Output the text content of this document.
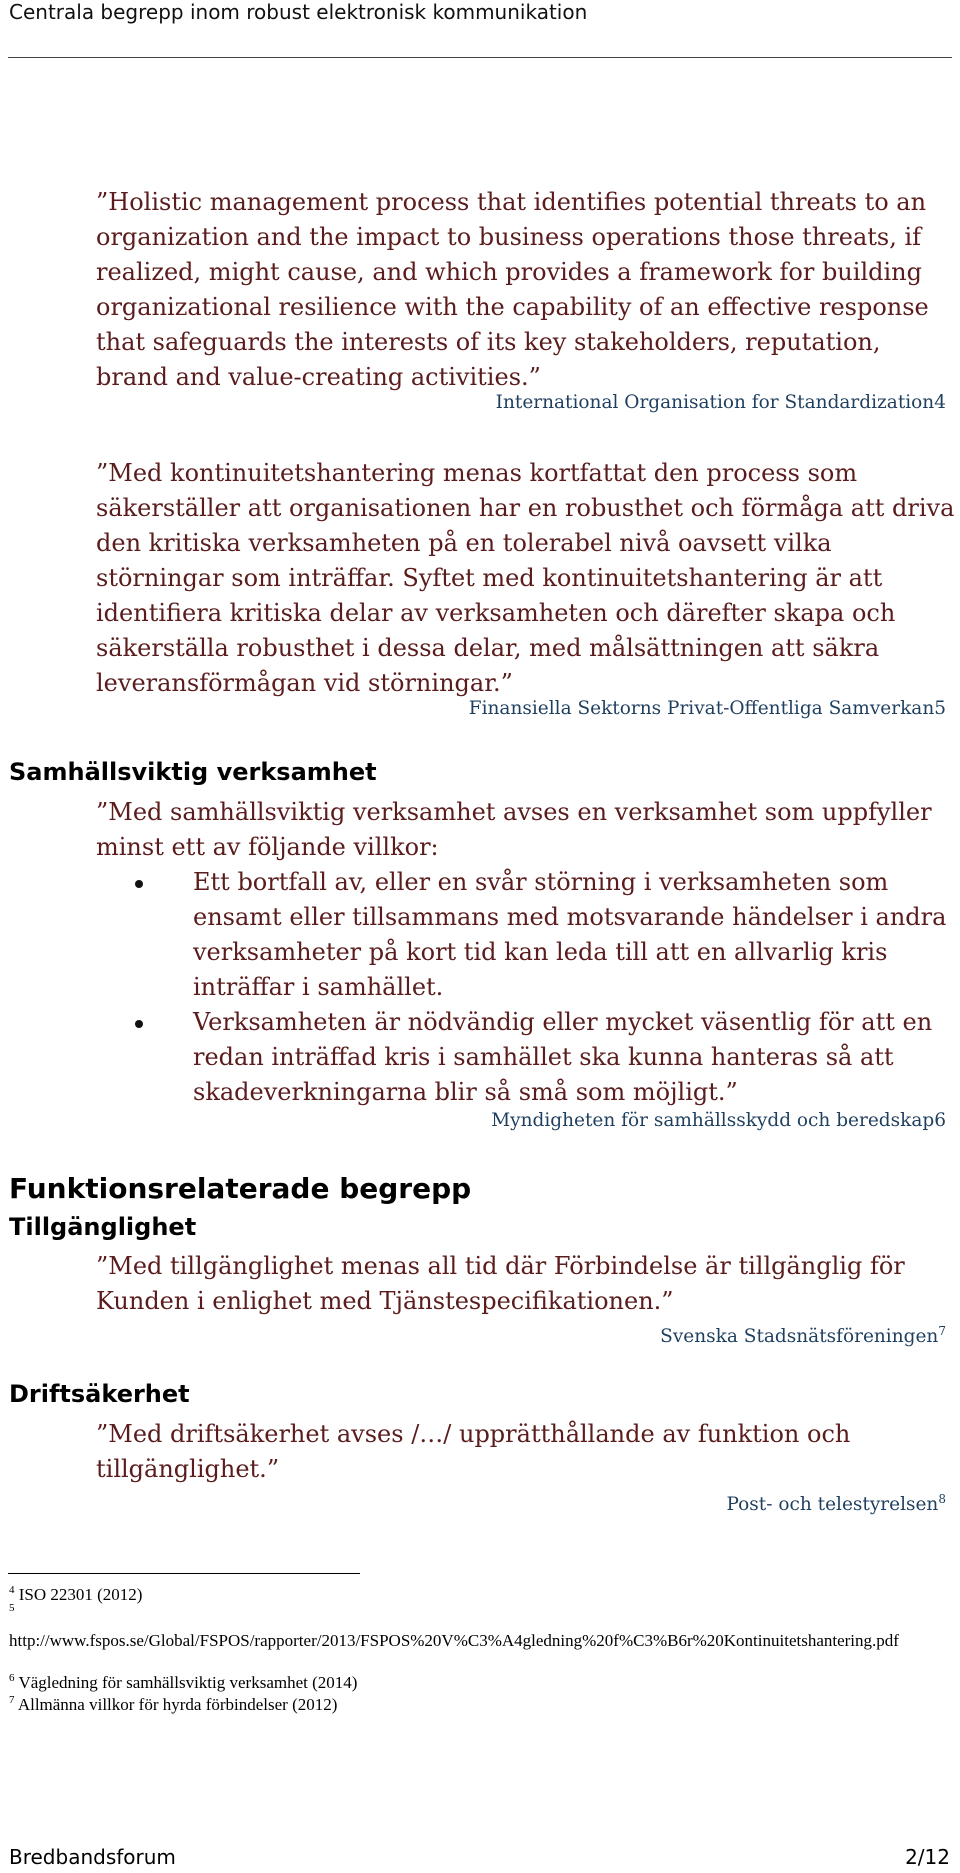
Centrala begrepp inom robust elektronisk kommunikation

”Holistic management process that identifies potential threats to an organization and the impact to business operations those threats, if realized, might cause, and which provides a framework for building organizational resilience with the capability of an effective response that safeguards the interests of its key stakeholders, reputation, brand and value-creating activities.”

International Organisation for Standardization4

”Med kontinuitetshantering menas kortfattat den process som säkerställer att organisationen har en robusthet och förmåga att driva den kritiska verksamheten på en tolerabel nivå oavsett vilka störningar som inträffar. Syftet med kontinuitetshantering är att identifiera kritiska delar av verksamheten och därefter skapa och säkerställa robusthet i dessa delar, med målsättningen att säkra leveransförmågan vid störningar.”

Finansiella Sektorns Privat-Offentliga Samverkan5
Samhällsviktig verksamhet

”Med samhällsviktig verksamhet avses en verksamhet som uppfyller minst ett av följande villkor:

Ett bortfall av, eller en svår störning i verksamheten som ensamt eller tillsammans med motsvarande händelser i andra verksamheter på kort tid kan leda till att en allvarlig kris inträffar i samhället.
Verksamheten är nödvändig eller mycket väsentlig för att en redan inträffad kris i samhället ska kunna hanteras så att skadeverkningarna blir så små som möjligt.”
Myndigheten för samhällsskydd och beredskap6
Funktionsrelaterade begrepp
Tillgänglighet

”Med tillgänglighet menas all tid där Förbindelse är tillgänglig för Kunden i enlighet med Tjänstespecifikationen.”

Svenska Stadsnätsföreningen$^7$
Driftsäkerhet

”Med driftsäkerhet avses /…/ upprätthållande av funktion och tillgänglighet.”

Post- och telestyrelsen$^8$
$^4$ ISO 22301 (2012)
$^5$
http://www.fspos.se/Global/FSPOS/rapporter/2013/FSPOS%20V%C3%A4gledning%20f%C3%B6r%20Kontinuitetshantering.pdf
$^6$ Vägledning för samhällsviktig verksamhet (2014)
$^7$ Allmänna villkor för hyrda förbindelser (2012)
Bredbandsforum	2/12
